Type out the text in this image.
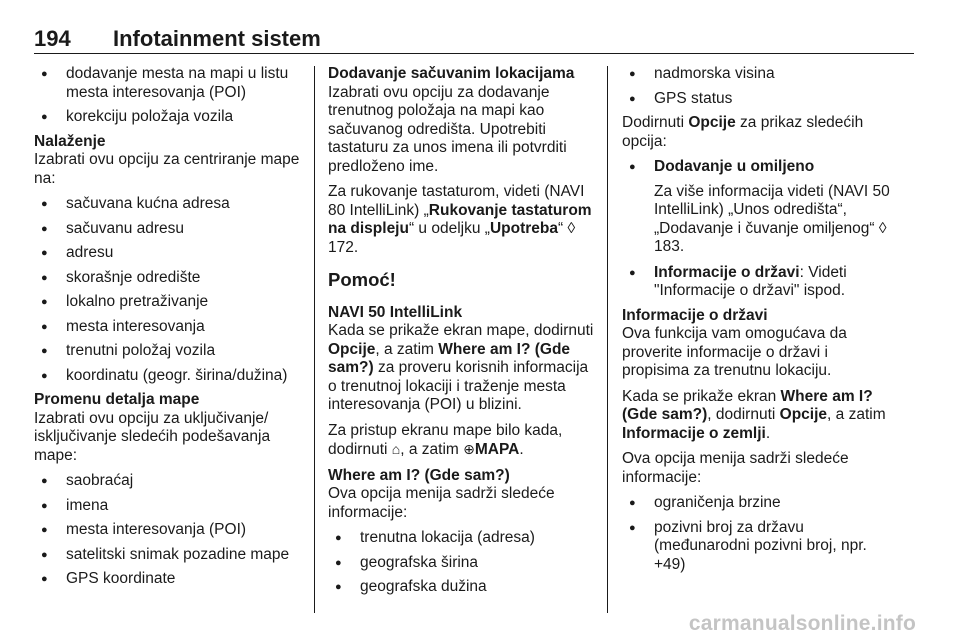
194 Infotainment sistem
● dodavanje mesta na mapi u listu mesta interesovanja (POI)
● korekciju položaja vozila

Nalaženje

Izabrati ovu opciju za centriranje mape na:

● sačuvana kućna adresa
● sačuvanu adresu
● adresu
● skorašnje odredište
● lokalno pretraživanje
● mesta interesovanja
● trenutni položaj vozila
● koordinatu (geogr. širina/dužina)

Promenu detalja mape

Izabrati ovu opciju za uključivanje/ isključivanje sledećih podešavanja mape:

● saobraćaj
● imena
● mesta interesovanja (POI)
● satelitski snimak pozadine mape
● GPS koordinate

Dodavanje sačuvanim lokacijama

Izabrati ovu opciju za dodavanje trenutnog položaja na mapi kao sačuvanog odredišta. Upotrebiti tastaturu za unos imena ili potvrditi predloženo ime.

Za rukovanje tastaturom, videti (NAVI 80 IntelliLink) „Rukovanje tastaturom na displeju“ u odeljku „Upotreba“ ◊ 172.

Pomoć!

NAVI 50 IntelliLink

Kada se prikaže ekran mape, dodirnuti Opcije, a zatim Where am I? (Gde sam?) za proveru korisnih informacija o trenutnoj lokaciji i traženje mesta interesovanja (POI) u blizini.

Za pristup ekranu mape bilo kada, dodirnuti ⌂, a zatim ⊕MAPA.

Where am I? (Gde sam?)

Ova opcija menija sadrži sledeće informacije:

● trenutna lokacija (adresa)
● geografska širina
● geografska dužina
● nadmorska visina
● GPS status

Dodirnuti Opcije za prikaz sledećih opcija:

● Dodavanje u omiljeno

Za više informacija videti (NAVI 50 IntelliLink) „Unos odredišta“, „Dodavanje i čuvanje omiljenog“ ◊ 183.

● Informacije o državi: Videti "Informacije o državi" ispod.

Informacije o državi

Ova funkcija vam omogućava da proverite informacije o državi i propisima za trenutnu lokaciju.

Kada se prikaže ekran Where am I? (Gde sam?), dodirnuti Opcije, a zatim Informacije o zemlji.

Ova opcija menija sadrži sledeće informacije:

● ograničenja brzine
● pozivni broj za državu (međunarodni pozivni broj, npr. +49)
carmanualsonline.info
